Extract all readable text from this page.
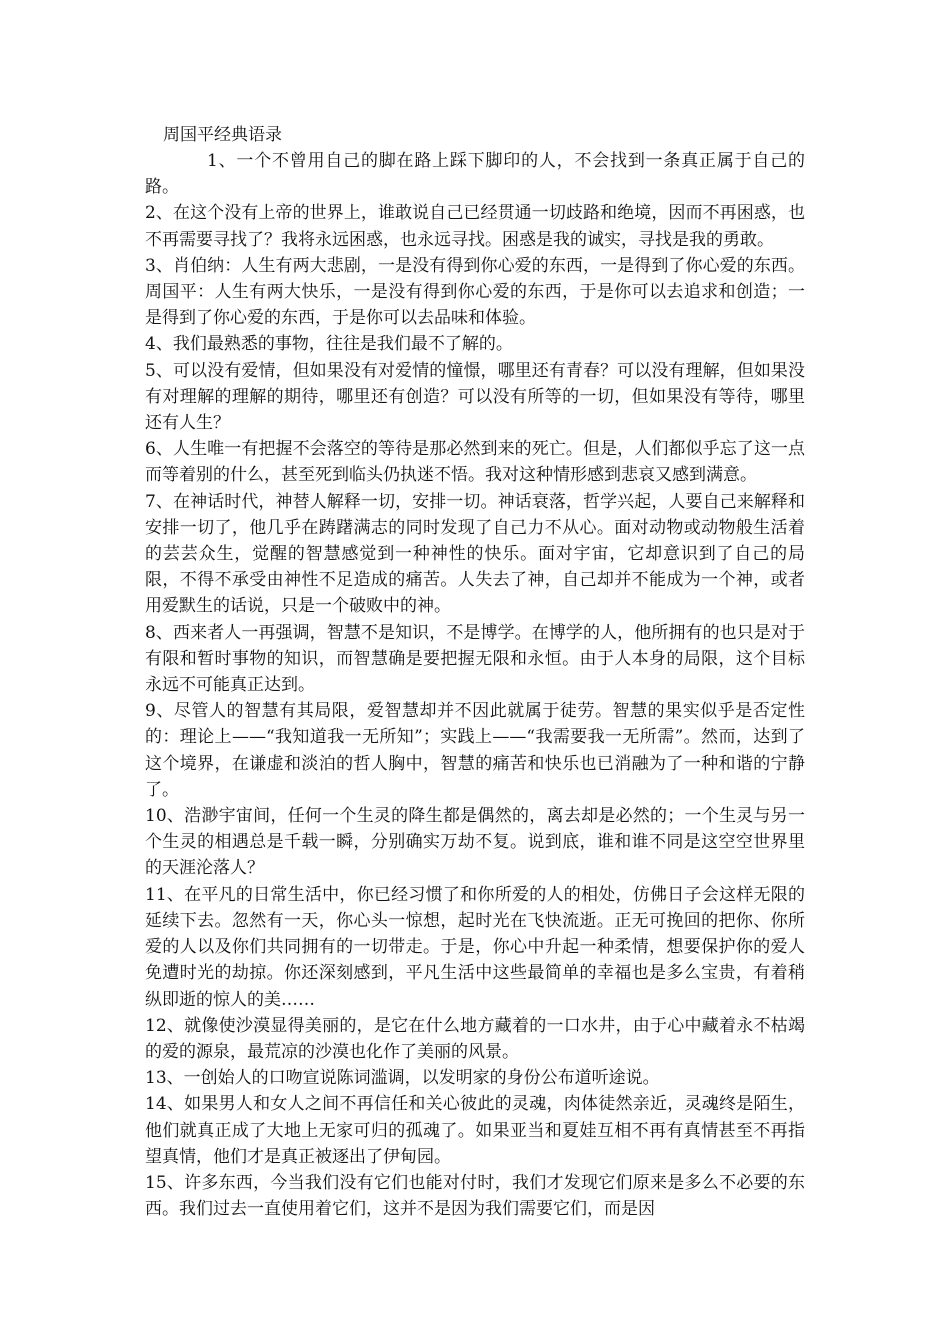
周国平经典语录

1、一个不曾用自己的脚在路上踩下脚印的人，不会找到一条真正属于自己的路。

2、在这个没有上帝的世界上，谁敢说自己已经贯通一切歧路和绝境，因而不再困惑，也不再需要寻找了？我将永远困惑，也永远寻找。困惑是我的诚实，寻找是我的勇敢。

3、肖伯纳：人生有两大悲剧，一是没有得到你心爱的东西，一是得到了你心爱的东西。周国平：人生有两大快乐，一是没有得到你心爱的东西，于是你可以去追求和创造；一是得到了你心爱的东西，于是你可以去品味和体验。

4、我们最熟悉的事物，往往是我们最不了解的。

5、可以没有爱情，但如果没有对爱情的憧憬，哪里还有青春？可以没有理解，但如果没有对理解的理解的期待，哪里还有创造？可以没有所等的一切，但如果没有等待，哪里还有人生？

6、人生唯一有把握不会落空的等待是那必然到来的死亡。但是，人们都似乎忘了这一点而等着别的什么，甚至死到临头仍执迷不悟。我对这种情形感到悲哀又感到满意。

7、在神话时代，神替人解释一切，安排一切。神话衰落，哲学兴起，人要自己来解释和安排一切了，他几乎在踌躇满志的同时发现了自己力不从心。面对动物或动物般生活着的芸芸众生，觉醒的智慧感觉到一种神性的快乐。面对宇宙，它却意识到了自己的局限，不得不承受由神性不足造成的痛苦。人失去了神，自己却并不能成为一个神，或者用爱默生的话说，只是一个破败中的神。

8、西来者人一再强调，智慧不是知识，不是博学。在博学的人，他所拥有的也只是对于有限和暂时事物的知识，而智慧确是要把握无限和永恒。由于人本身的局限，这个目标永远不可能真正达到。

9、尽管人的智慧有其局限，爱智慧却并不因此就属于徒劳。智慧的果实似乎是否定性的：理论上——“我知道我一无所知”；实践上——“我需要我一无所需”。然而，达到了这个境界，在谦虚和淡泊的哲人胸中，智慧的痛苦和快乐也已消融为了一种和谐的宁静了。

10、浩渺宇宙间，任何一个生灵的降生都是偶然的，离去却是必然的；一个生灵与另一个生灵的相遇总是千载一瞬，分别确实万劫不复。说到底，谁和谁不同是这空空世界里的天涯沦落人？

11、在平凡的日常生活中，你已经习惯了和你所爱的人的相处，仿佛日子会这样无限的延续下去。忽然有一天，你心头一惊想，起时光在飞快流逝。正无可挽回的把你、你所爱的人以及你们共同拥有的一切带走。于是，你心中升起一种柔情，想要保护你的爱人免遭时光的劫掠。你还深刻感到，平凡生活中这些最简单的幸福也是多么宝贵，有着稍纵即逝的惊人的美……

12、就像使沙漠显得美丽的，是它在什么地方藏着的一口水井，由于心中藏着永不枯竭的爱的源泉，最荒凉的沙漠也化作了美丽的风景。

13、一创始人的口吻宣说陈词滥调，以发明家的身份公布道听途说。

14、如果男人和女人之间不再信任和关心彼此的灵魂，肉体徒然亲近，灵魂终是陌生，他们就真正成了大地上无家可归的孤魂了。如果亚当和夏娃互相不再有真情甚至不再指望真情，他们才是真正被逐出了伊甸园。

15、许多东西，今当我们没有它们也能对付时，我们才发现它们原来是多么不必要的东西。我们过去一直使用着它们，这并不是因为我们需要它们，而是因
